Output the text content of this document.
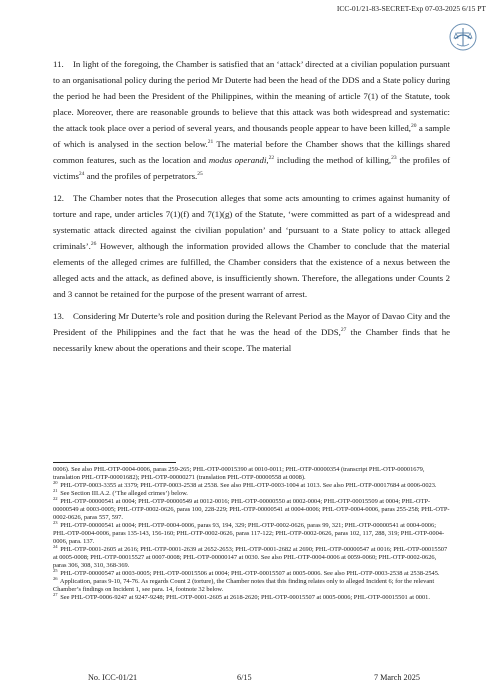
ICC-01/21-83-SECRET-Exp 07-03-2025 6/15 PT

11. In light of the foregoing, the Chamber is satisfied that an ‘attack’ directed at a civilian population pursuant to an organisational policy during the period Mr Duterte had been the head of the DDS and a State policy during the period he had been the President of the Philippines, within the meaning of article 7(1) of the Statute, took place. Moreover, there are reasonable grounds to believe that this attack was both widespread and systematic: the attack took place over a period of several years, and thousands people appear to have been killed,$^{20}$ a sample of which is analysed in the section below.$^{21}$ The material before the Chamber shows that the killings shared common features, such as the location and modus operandi,$^{22}$ including the method of killing,$^{23}$ the profiles of victims$^{24}$ and the profiles of perpetrators.$^{25}$

12. The Chamber notes that the Prosecution alleges that some acts amounting to crimes against humanity of torture and rape, under articles 7(1)(f) and 7(1)(g) of the Statute, ‘were committed as part of a widespread and systematic attack directed against the civilian population’ and ‘pursuant to a State policy to attack alleged criminals’.$^{26}$ However, although the information provided allows the Chamber to conclude that the material elements of the alleged crimes are fulfilled, the Chamber considers that the existence of a nexus between the alleged acts and the attack, as defined above, is insufficiently shown. Therefore, the allegations under Counts 2 and 3 cannot be retained for the purpose of the present warrant of arrest.

13. Considering Mr Duterte’s role and position during the Relevant Period as the Mayor of Davao City and the President of the Philippines and the fact that he was the head of the DDS,$^{27}$ the Chamber finds that he necessarily knew about the operations and their scope. The material

0006). See also PHL-OTP-0004-0006, paras 259-265; PHL-OTP-00015390 at 0010-0011; PHL-OTP-00000354 (transcript PHL-OTP-00001679, translation PHL-OTP-00001682); PHL-OTP-00000271 (translation PHL-OTP-00000558 at 0008).

$^{20}$ PHL-OTP-0003-3355 at 3379; PHL-OTP-0003-2538 at 2538. See also PHL-OTP-0003-1004 at 1013. See also PHL-OTP-00017684 at 0006-0023.

$^{21}$ See Section III.A.2. (‘The alleged crimes’) below.

$^{22}$ PHL-OTP-00000541 at 0004; PHL-OTP-00000549 at 0012-0016; PHL-OTP-00000550 at 0002-0004; PHL-OTP-00015509 at 0004; PHL-OTP-00000549 at 0003-0005; PHL-OTP-0002-0626, paras 100, 228-229; PHL-OTP-00000541 at 0004-0006; PHL-OTP-0004-0006, paras 255-258; PHL-OTP-0002-0626, paras 557, 597.

$^{23}$ PHL-OTP-00000541 at 0004; PHL-OTP-0004-0006, paras 93, 194, 329; PHL-OTP-0002-0626, paras 99, 321; PHL-OTP-00000541 at 0004-0006; PHL-OTP-0004-0006, paras 135-143, 156-160; PHL-OTP-0002-0626, paras 117-122; PHL-OTP-0002-0626, paras 102, 117, 288, 319; PHL-OTP-0004-0006, para. 137.

$^{24}$ PHL-OTP-0001-2605 at 2616; PHL-OTP-0001-2639 at 2652-2653; PHL-OTP-0001-2682 at 2690; PHL-OTP-00000547 at 0016; PHL-OTP-00015507 at 0005-0008; PHL-OTP-00015527 at 0007-0008; PHL-OTP-00000147 at 0030. See also PHL-OTP-0004-0006 at 0059-0060; PHL-OTP-0002-0626, paras 306, 308, 310, 368-369.

$^{25}$ PHL-OTP-00000547 at 0003-0005; PHL-OTP-00015506 at 0004; PHL-OTP-00015507 at 0005-0006. See also PHL-OTP-0003-2538 at 2538-2545.

$^{26}$ Application, paras 9-10, 74-76. As regards Count 2 (torture), the Chamber notes that this finding relates only to alleged Incident 6; for the relevant Chamber’s findings on Incident 1, see para. 14, footnote 32 below.

$^{27}$ See PHL-OTP-0006-9247 at 9247-9248; PHL-OTP-0001-2605 at 2618-2620; PHL-OTP-00015507 at 0005-0006; PHL-OTP-00015501 at 0001.

No. ICC-01/21	6/15	7 March 2025
